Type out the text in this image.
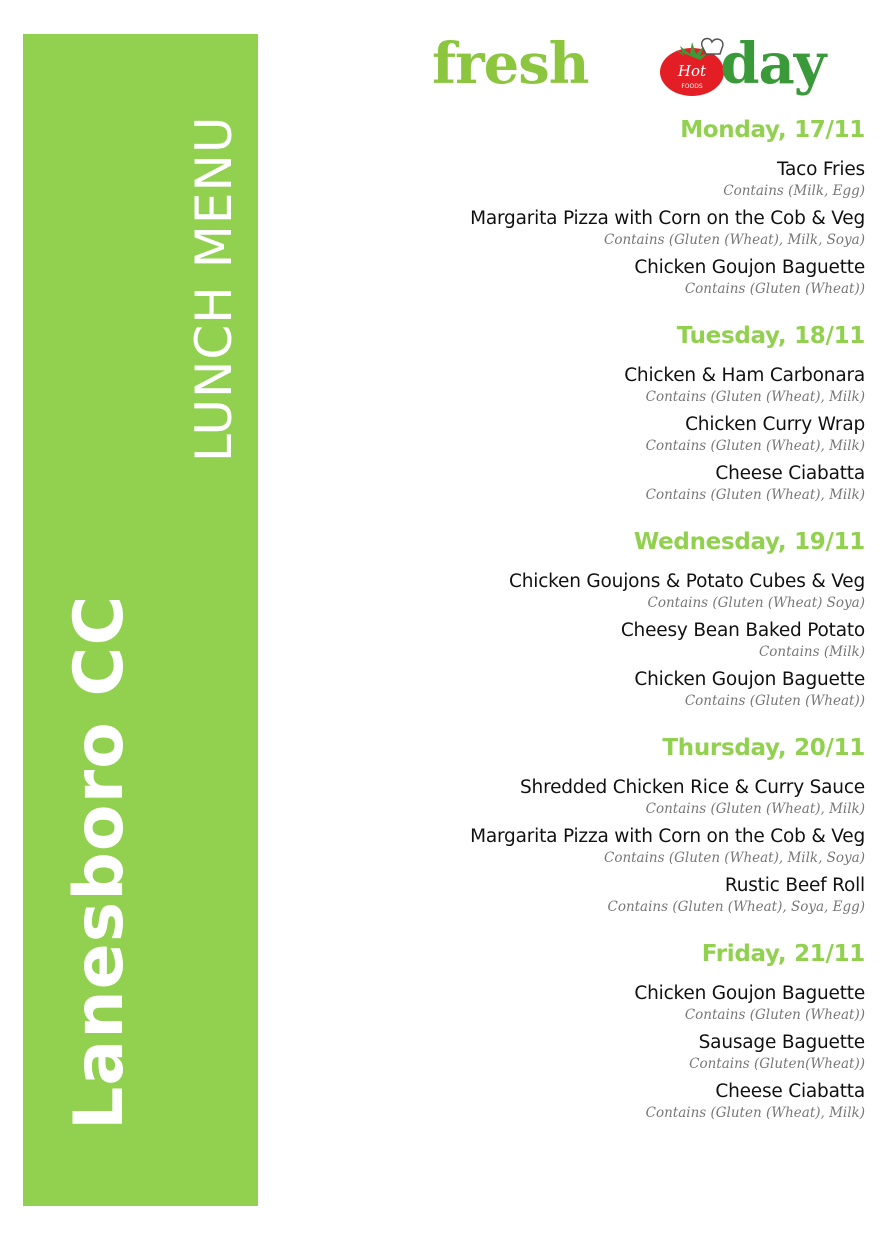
LUNCH MENU
Lanesboro CC
fresh	Hot
FOODS day
Monday, 17/11
Taco Fries
Contains (Milk, Egg)
Margarita Pizza with Corn on the Cob & Veg
Contains (Gluten (Wheat), Milk, Soya)
Chicken Goujon Baguette
Contains (Gluten (Wheat))
Tuesday, 18/11
Chicken & Ham Carbonara
Contains (Gluten (Wheat), Milk)
Chicken Curry Wrap
Contains (Gluten (Wheat), Milk)
Cheese Ciabatta
Contains (Gluten (Wheat), Milk)
Wednesday, 19/11
Chicken Goujons & Potato Cubes & Veg
Contains (Gluten (Wheat) Soya)
Cheesy Bean Baked Potato
Contains (Milk)
Chicken Goujon Baguette
Contains (Gluten (Wheat))
Thursday, 20/11
Shredded Chicken Rice & Curry Sauce
Contains (Gluten (Wheat), Milk)
Margarita Pizza with Corn on the Cob & Veg
Contains (Gluten (Wheat), Milk, Soya)
Rustic Beef Roll
Contains (Gluten (Wheat), Soya, Egg)
Friday, 21/11
Chicken Goujon Baguette
Contains (Gluten (Wheat))
Sausage Baguette
Contains (Gluten(Wheat))
Cheese Ciabatta
Contains (Gluten (Wheat), Milk)
